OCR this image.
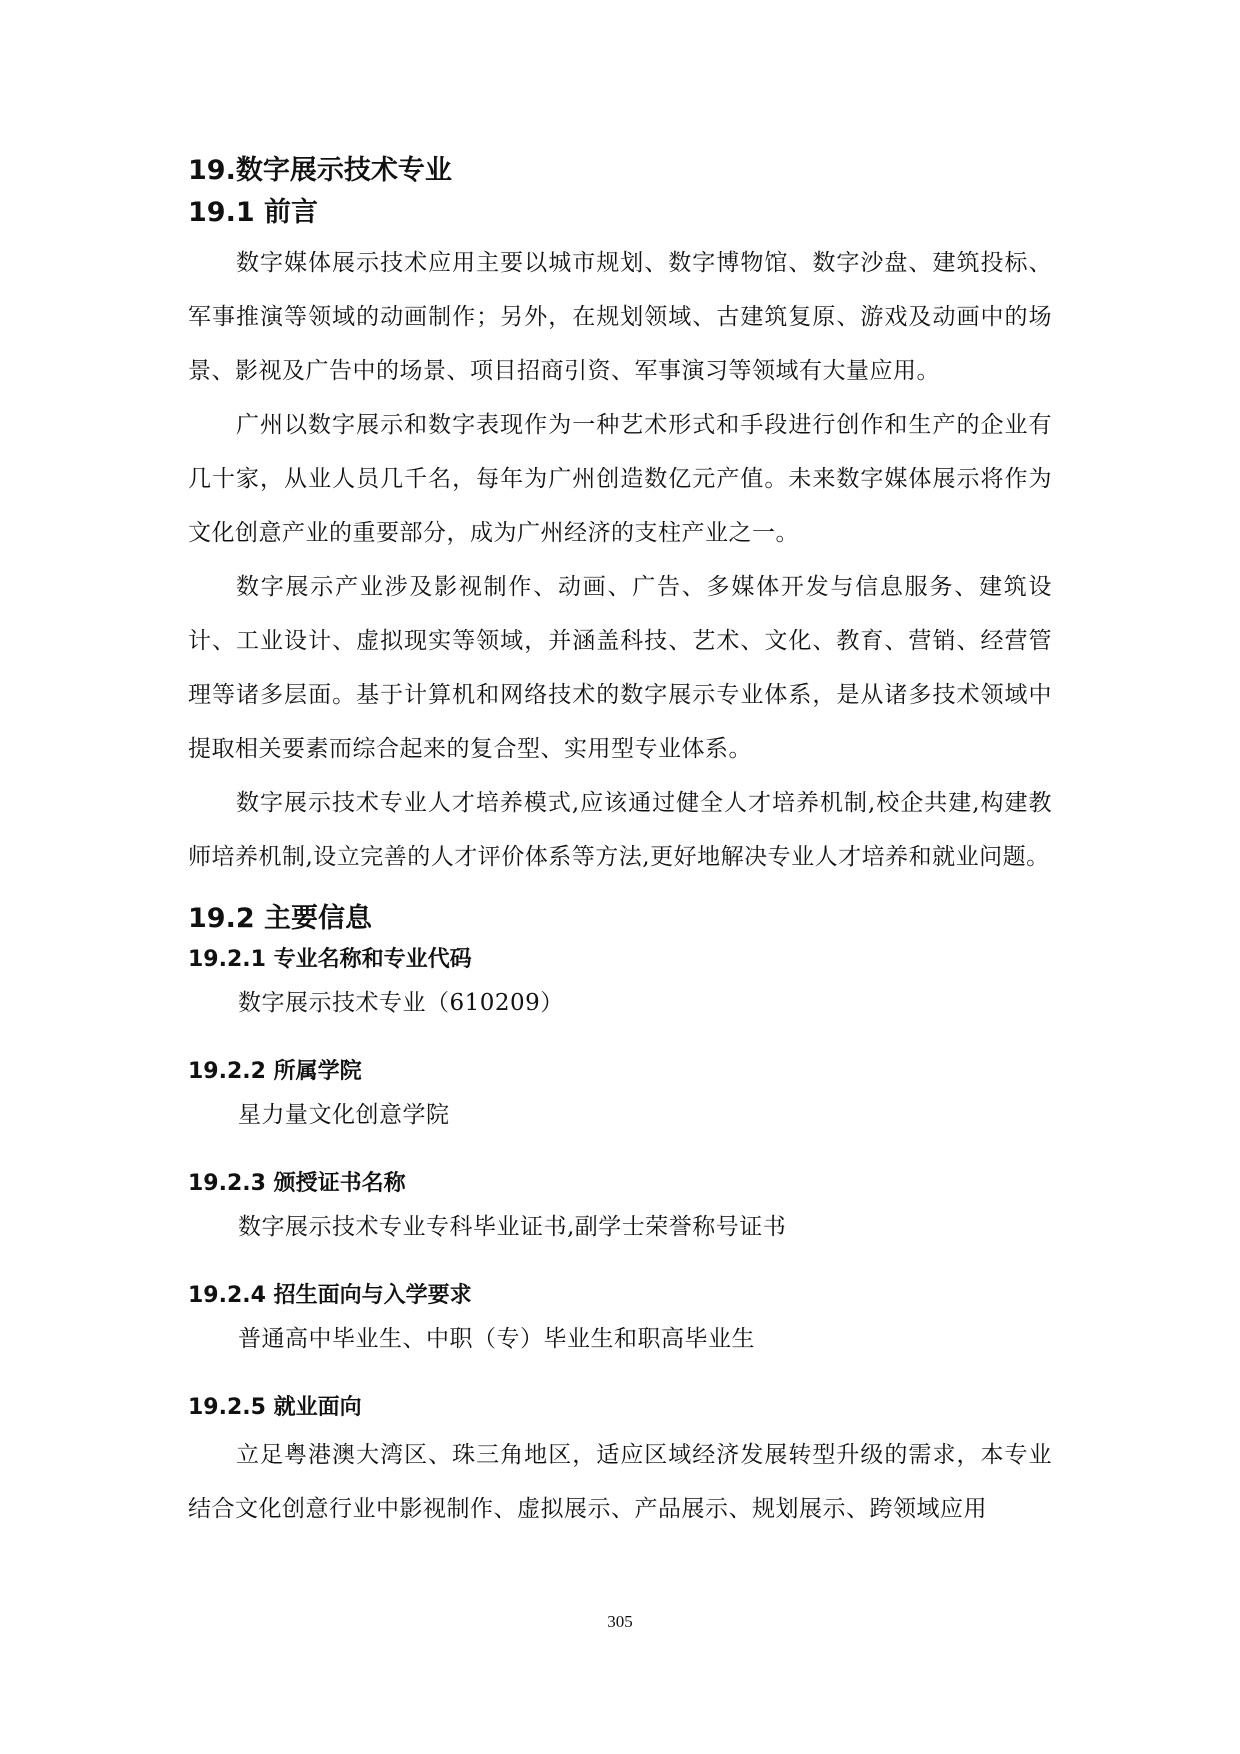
19.数字展示技术专业
19.1 前言

数字媒体展示技术应用主要以城市规划、数字博物馆、数字沙盘、建筑投标、军事推演等领域的动画制作；另外，在规划领域、古建筑复原、游戏及动画中的场景、影视及广告中的场景、项目招商引资、军事演习等领域有大量应用。

广州以数字展示和数字表现作为一种艺术形式和手段进行创作和生产的企业有几十家，从业人员几千名，每年为广州创造数亿元产值。未来数字媒体展示将作为文化创意产业的重要部分，成为广州经济的支柱产业之一。

数字展示产业涉及影视制作、动画、广告、多媒体开发与信息服务、建筑设计、工业设计、虚拟现实等领域，并涵盖科技、艺术、文化、教育、营销、经营管理等诸多层面。基于计算机和网络技术的数字展示专业体系，是从诸多技术领域中提取相关要素而综合起来的复合型、实用型专业体系。

数字展示技术专业人才培养模式,应该通过健全人才培养机制,校企共建,构建教师培养机制,设立完善的人才评价体系等方法,更好地解决专业人才培养和就业问题。

19.2 主要信息
19.2.1 专业名称和专业代码

数字展示技术专业（610209）

19.2.2 所属学院

星力量文化创意学院

19.2.3 颁授证书名称

数字展示技术专业专科毕业证书,副学士荣誉称号证书

19.2.4 招生面向与入学要求

普通高中毕业生、中职（专）毕业生和职高毕业生

19.2.5 就业面向

立足粤港澳大湾区、珠三角地区，适应区域经济发展转型升级的需求，本专业结合文化创意行业中影视制作、虚拟展示、产品展示、规划展示、跨领域应用

305
